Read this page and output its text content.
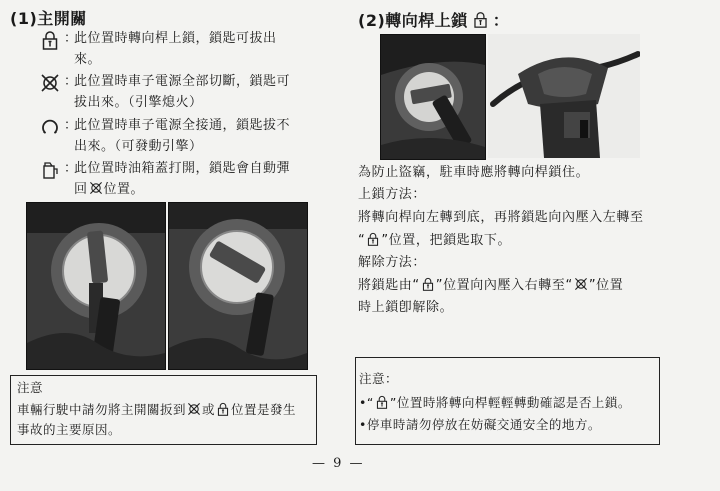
(1)主開關
：
此位置時轉向桿上鎖，鎖匙可拔出
來。
：
此位置時車子電源全部切斷，鎖匙可
拔出來。（引擎熄火）
：
此位置時車子電源全接通，鎖匙拔不
出來。（可發動引擎）
：
此位置時油箱蓋打開，鎖匙會自動彈
回 位置。
注意
車輛行駛中請勿將主開關扳到 或 位置是發生
事故的主要原因。
(2)轉向桿上鎖 ：
為防止盜竊，駐車時應將轉向桿鎖住。
上鎖方法：
將轉向桿向左轉到底，再將鎖匙向內壓入左轉至
“ ”位置，把鎖匙取下。
解除方法：
將鎖匙由“ ”位置向內壓入右轉至“ ”位置
時上鎖卽解除。
注意：
•“ ”位置時將轉向桿輕輕轉動確認是否上鎖。
•停車時請勿停放在妨礙交通安全的地方。
— 9 —
